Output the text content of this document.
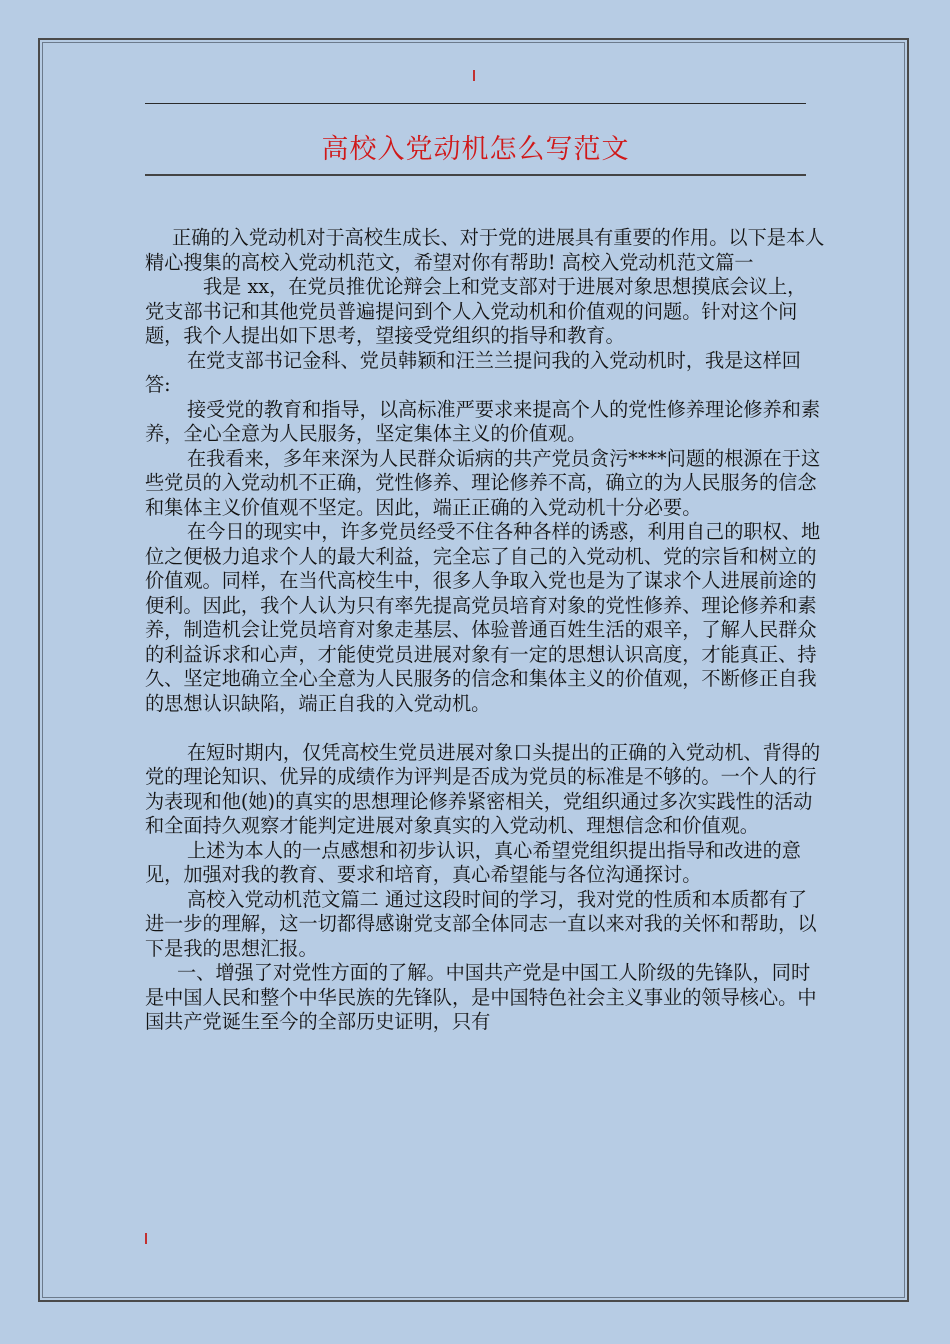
高校入党动机怎么写范文

正确的入党动机对于高校生成长、对于党的进展具有重要的作用。以下是本人精心搜集的高校入党动机范文，希望对你有帮助! 高校入党动机范文篇一

我是 xx，在党员推优论辩会上和党支部对于进展对象思想摸底会议上，党支部书记和其他党员普遍提问到个人入党动机和价值观的问题。针对这个问题，我个人提出如下思考，望接受党组织的指导和教育。

在党支部书记金科、党员韩颖和汪兰兰提问我的入党动机时，我是这样回答:

接受党的教育和指导，以高标准严要求来提高个人的党性修养理论修养和素养，全心全意为人民服务，坚定集体主义的价值观。

在我看来，多年来深为人民群众诟病的共产党员贪污****问题的根源在于这些党员的入党动机不正确，党性修养、理论修养不高，确立的为人民服务的信念和集体主义价值观不坚定。因此，端正正确的入党动机十分必要。

在今日的现实中，许多党员经受不住各种各样的诱惑，利用自己的职权、地位之便极力追求个人的最大利益，完全忘了自己的入党动机、党的宗旨和树立的价值观。同样，在当代高校生中，很多人争取入党也是为了谋求个人进展前途的便利。因此，我个人认为只有率先提高党员培育对象的党性修养、理论修养和素养，制造机会让党员培育对象走基层、体验普通百姓生活的艰辛，了解人民群众的利益诉求和心声，才能使党员进展对象有一定的思想认识高度，才能真正、持久、坚定地确立全心全意为人民服务的信念和集体主义的价值观，不断修正自我的思想认识缺陷，端正自我的入党动机。

在短时期内，仅凭高校生党员进展对象口头提出的正确的入党动机、背得的党的理论知识、优异的成绩作为评判是否成为党员的标准是不够的。一个人的行为表现和他(她)的真实的思想理论修养紧密相关，党组织通过多次实践性的活动和全面持久观察才能判定进展对象真实的入党动机、理想信念和价值观。

上述为本人的一点感想和初步认识，真心希望党组织提出指导和改进的意见，加强对我的教育、要求和培育，真心希望能与各位沟通探讨。

高校入党动机范文篇二 通过这段时间的学习，我对党的性质和本质都有了进一步的理解，这一切都得感谢党支部全体同志一直以来对我的关怀和帮助，以下是我的思想汇报。

一、增强了对党性方面的了解。中国共产党是中国工人阶级的先锋队，同时是中国人民和整个中华民族的先锋队，是中国特色社会主义事业的领导核心。中国共产党诞生至今的全部历史证明，只有
